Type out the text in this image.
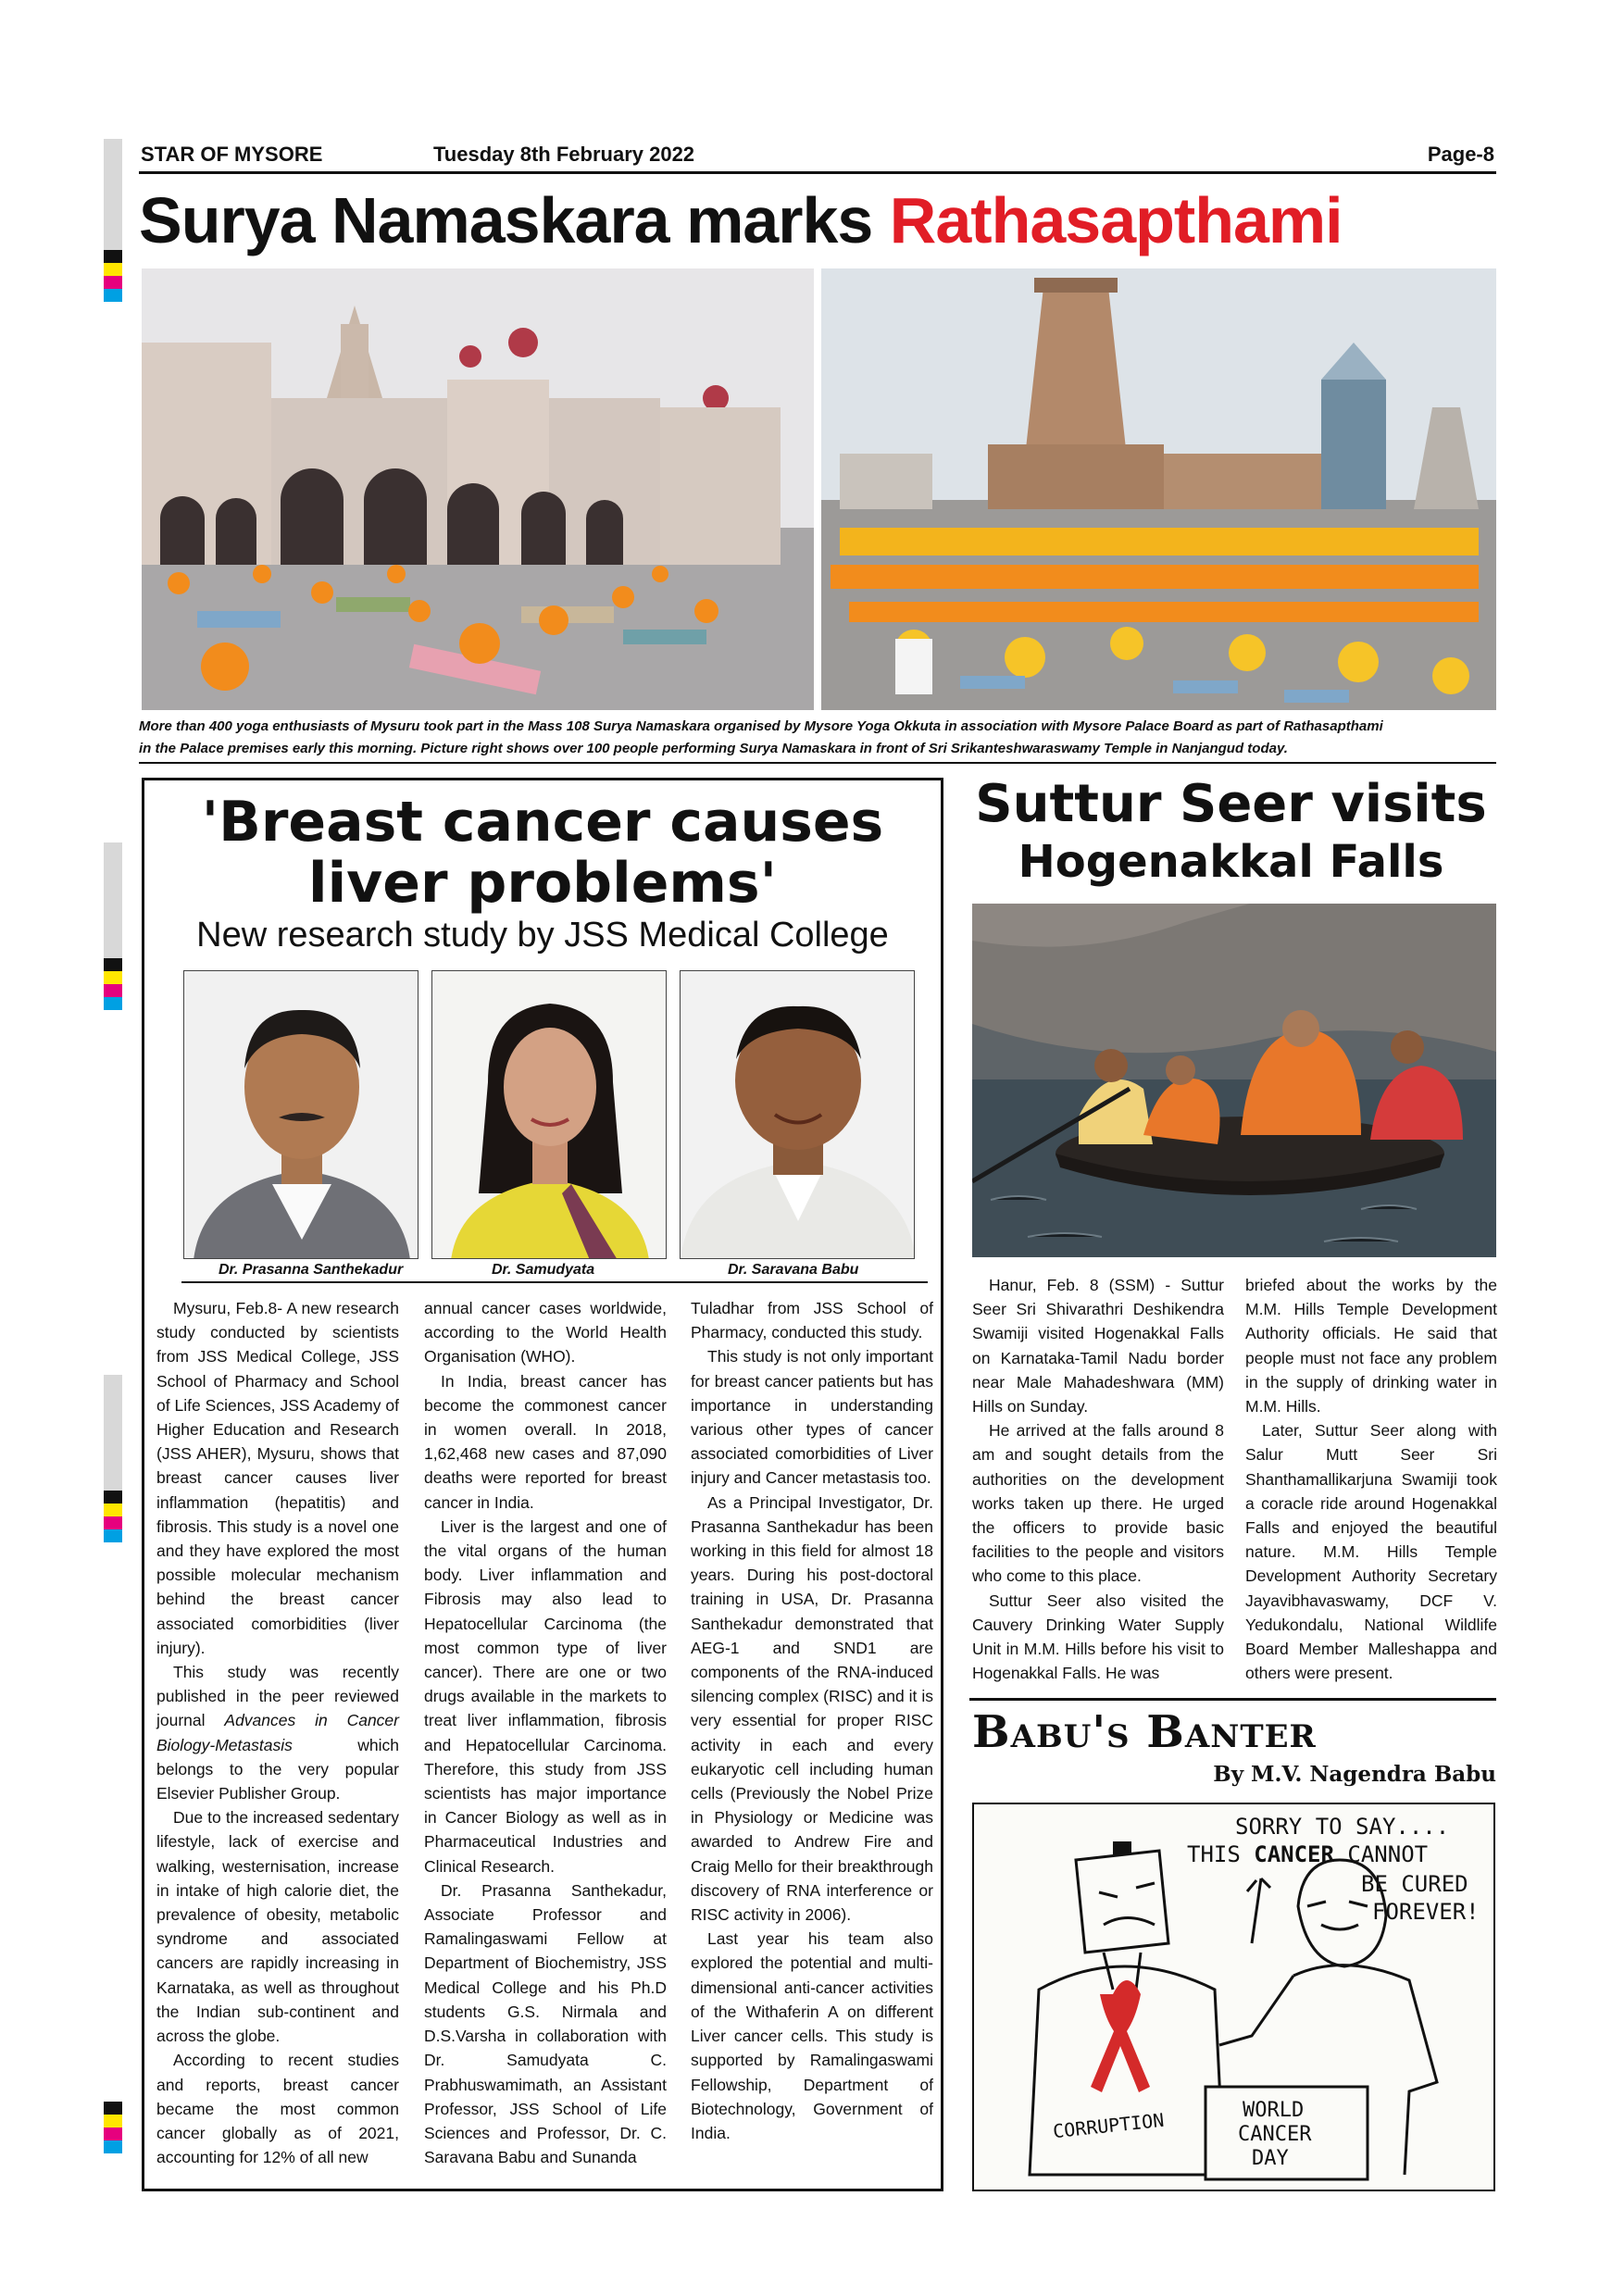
STAR OF MYSORE	Tuesday 8th February 2022	Page-8
Surya Namaskara marks Rathasapthami
More than 400 yoga enthusiasts of Mysuru took part in the Mass 108 Surya Namaskara organised by Mysore Yoga Okkuta in association with Mysore Palace Board as part of Rathasapthami
in the Palace premises early this morning. Picture right shows over 100 people performing Surya Namaskara in front of Sri Srikanteshwaraswamy Temple in Nanjangud today.
'Breast cancer causes
liver problems'
New research study by JSS Medical College
Dr. Prasanna Santhekadur	Dr. Samudyata	Dr. Saravana Babu

Mysuru, Feb.8- A new research study conducted by scientists from JSS Medical College, JSS School of Pharmacy and School of Life Sciences, JSS Academy of Higher Education and Research (JSS AHER), Mysuru, shows that breast cancer causes liver inflammation (hepatitis) and fibrosis. This study is a novel one and they have explored the most possible molecular mechanism behind the breast cancer associated comorbidities (liver injury).

This study was recently published in the peer reviewed journal Advances in Cancer Biology-Metastasis	which belongs to the very popular Elsevier Publisher Group.

Due to the increased sedentary lifestyle, lack of exercise and walking, westernisation, increase in intake of high calorie diet, the prevalence of obesity, metabolic syndrome and associated cancers are rapidly increasing in Karnataka, as well as throughout the Indian sub-continent and across the globe.

According to recent studies and reports, breast cancer became the most common cancer globally as of 2021, accounting for 12% of all new

annual cancer cases worldwide, according to the World Health Organisation (WHO).

In India, breast cancer has become the commonest cancer in women overall. In 2018, 1,62,468 new cases and 87,090 deaths were reported for breast cancer in India.

Liver is the largest and one of the vital organs of the human body. Liver inflammation and Fibrosis may also lead to Hepatocellular Carcinoma (the most common type of liver cancer). There are one or two drugs available in the markets to treat liver inflammation, fibrosis and Hepatocellular Carcinoma. Therefore, this study from JSS scientists has major importance in Cancer Biology as well as in Pharmaceutical Industries and Clinical Research.

Dr. Prasanna Santhekadur, Associate Professor and Ramalingaswami Fellow at Department of Biochemistry, JSS Medical College and his Ph.D students G.S. Nirmala and D.S.Varsha in collaboration with Dr. Samudyata C. Prabhuswamimath, an Assistant Professor, JSS School of Life Sciences and Professor, Dr. C. Saravana Babu and Sunanda

Tuladhar from JSS School of Pharmacy, conducted this study.

This study is not only important for breast cancer patients but has importance in understanding various other types of cancer associated comorbidities of Liver injury and Cancer metastasis too.

As a Principal Investigator, Dr. Prasanna Santhekadur has been working in this field for almost 18 years. During his post-doctoral training in USA, Dr. Prasanna Santhekadur demonstrated that AEG-1 and SND1 are components of the RNA-induced silencing complex (RISC) and it is very essential for proper RISC activity in each and every eukaryotic cell including human cells (Previously the Nobel Prize in Physiology or Medicine was awarded to Andrew Fire and Craig Mello for their breakthrough discovery of RNA interference or RISC activity in 2006).

Last year his team also explored the potential and multi-dimensional anti-cancer activities of the Withaferin A on different Liver cancer cells. This study is supported by Ramalingaswami Fellowship, Department of Biotechnology, Government of India.

Suttur Seer visits
Hogenakkal Falls

Hanur, Feb. 8 (SSM) - Suttur Seer Sri Shivarathri Deshikendra Swamiji visited Hogenakkal Falls on Karnataka-Tamil Nadu border near Male Mahadeshwara (MM) Hills on Sunday.

He arrived at the falls around 8 am and sought details from the authorities on the development works taken up there. He urged the officers to provide basic facilities to the people and visitors who come to this place.

Suttur Seer also visited the Cauvery Drinking Water Supply Unit in M.M. Hills before his visit to Hogenakkal Falls. He was

briefed about the works by the M.M. Hills Temple Development Authority officials. He said that people must not face any problem in the supply of drinking water in M.M. Hills.

Later, Suttur Seer along with Salur Mutt Seer Sri Shanthamallikarjuna Swamiji took a coracle ride around Hogenakkal Falls and enjoyed the beautiful nature. M.M. Hills Temple Development Authority Secretary Jayavibhavaswamy, DCF V. Yedukondalu, National Wildlife Board Member Malleshappa and others were present.

Babu's Banter
By M.V. Nagendra Babu
SORRY TO SAY....
THIS CANCER CANNOT
BE CURED
FOREVER!
CORRUPTION	WORLD
CANCER
DAY
